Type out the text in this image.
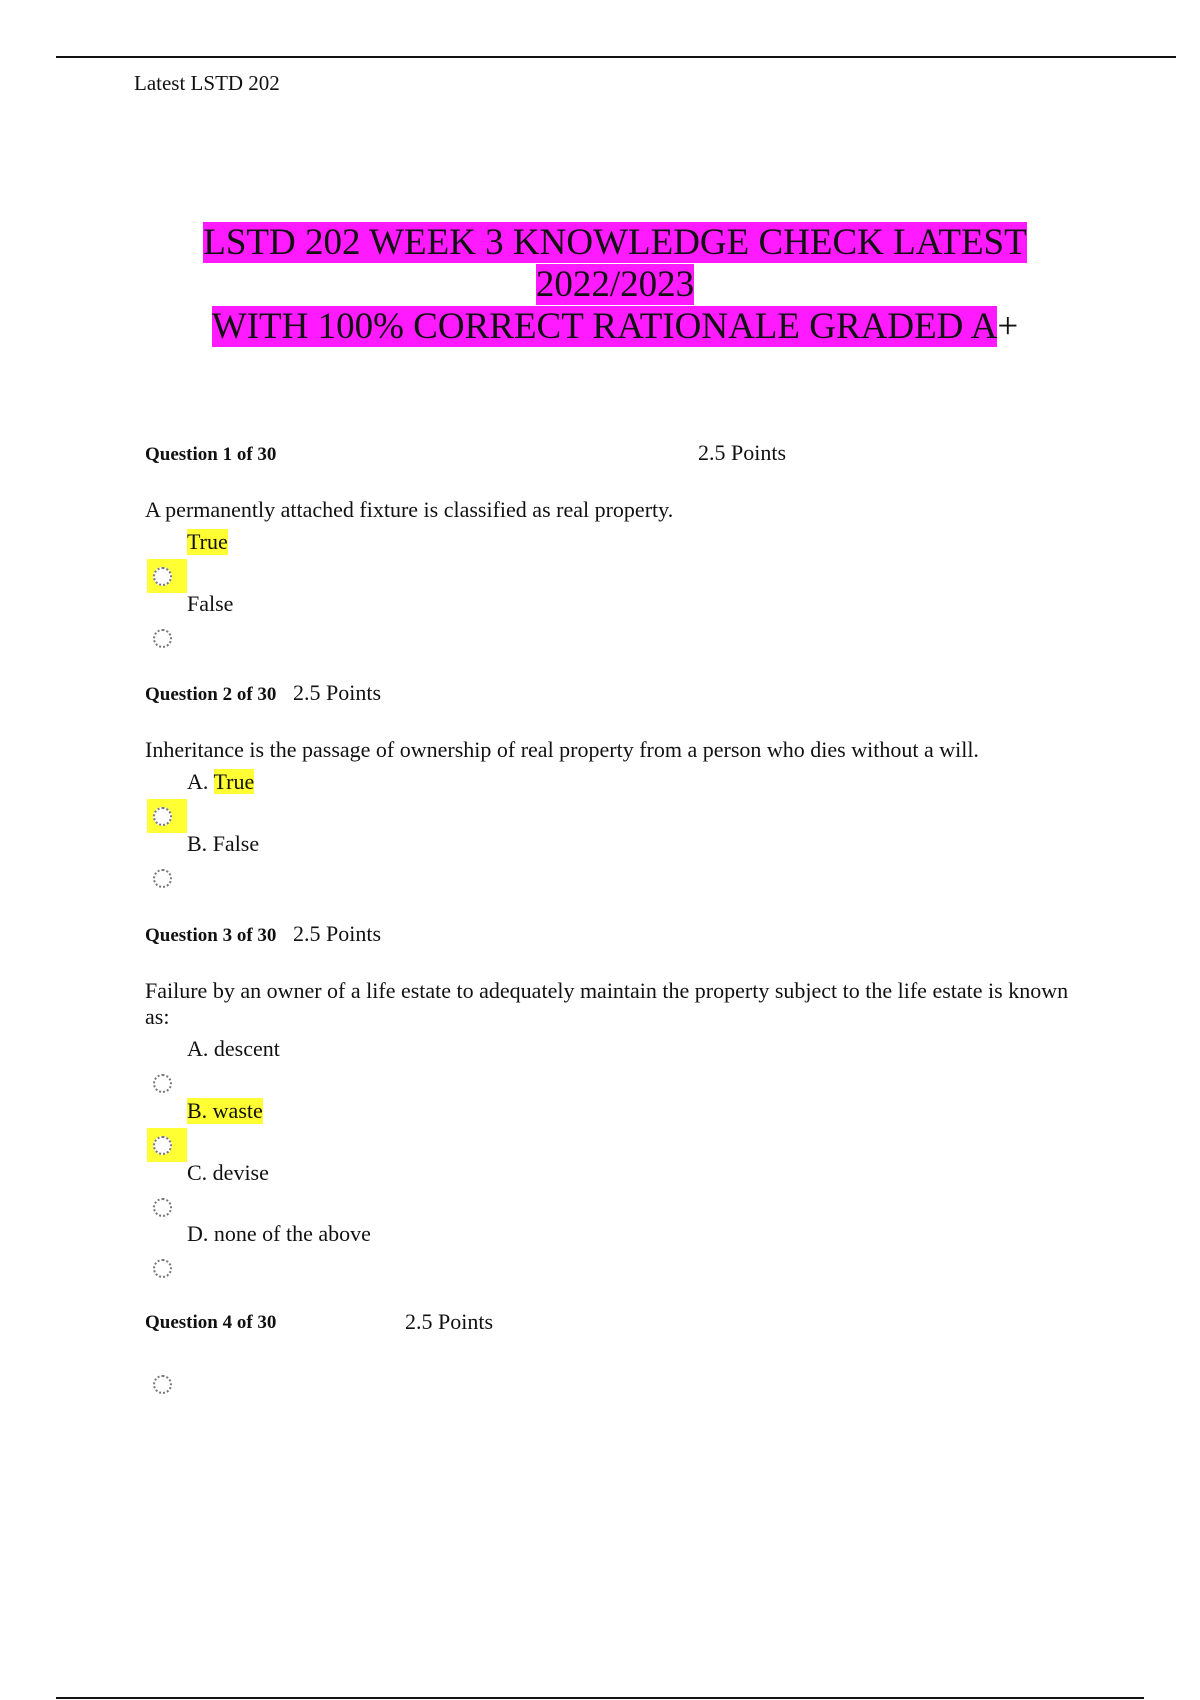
Latest LSTD 202
LSTD 202 WEEK 3 KNOWLEDGE CHECK LATEST
2022/2023
WITH 100% CORRECT RATIONALE GRADED A+
Question 1 of 30	2.5 Points
A permanently attached fixture is classified as real property.
True
False
Question 2 of 30 2.5 Points
Inheritance is the passage of ownership of real property from a person who dies without a will.
A. True
B. False
Question 3 of 30 2.5 Points
Failure by an owner of a life estate to adequately maintain the property subject to the life estate is known as:
A. descent
B. waste
C. devise
D. none of the above
Question 4 of 30	2.5 Points
